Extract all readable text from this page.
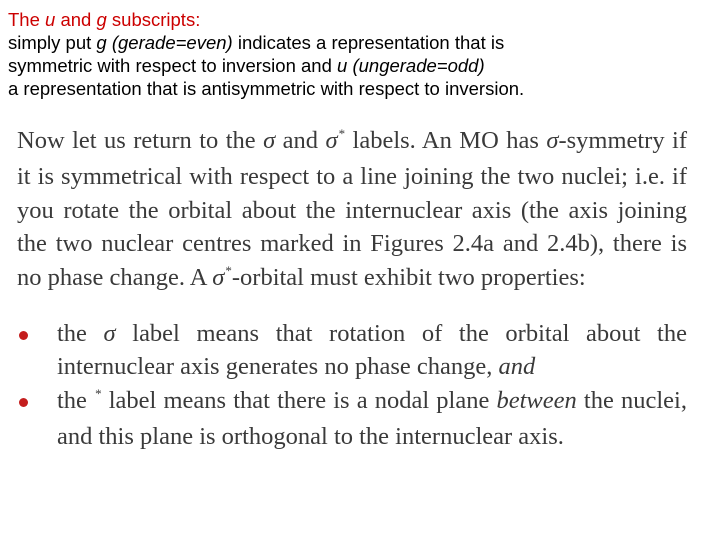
The u and g subscripts:
simply put g (gerade=even) indicates a representation that is
symmetric with respect to inversion and u (ungerade=odd)
a representation that is antisymmetric with respect to inversion.
Now let us return to the σ and σ* labels. An MO has σ-symmetry if it is symmetrical with respect to a line joining the two nuclei; i.e. if you rotate the orbital about the internuclear axis (the axis joining the two nuclear centres marked in Figures 2.4a and 2.4b), there is no phase change. A σ*-orbital must exhibit two properties:
the σ label means that rotation of the orbital about the internuclear axis generates no phase change, and
the * label means that there is a nodal plane between the nuclei, and this plane is orthogonal to the internuclear axis.
